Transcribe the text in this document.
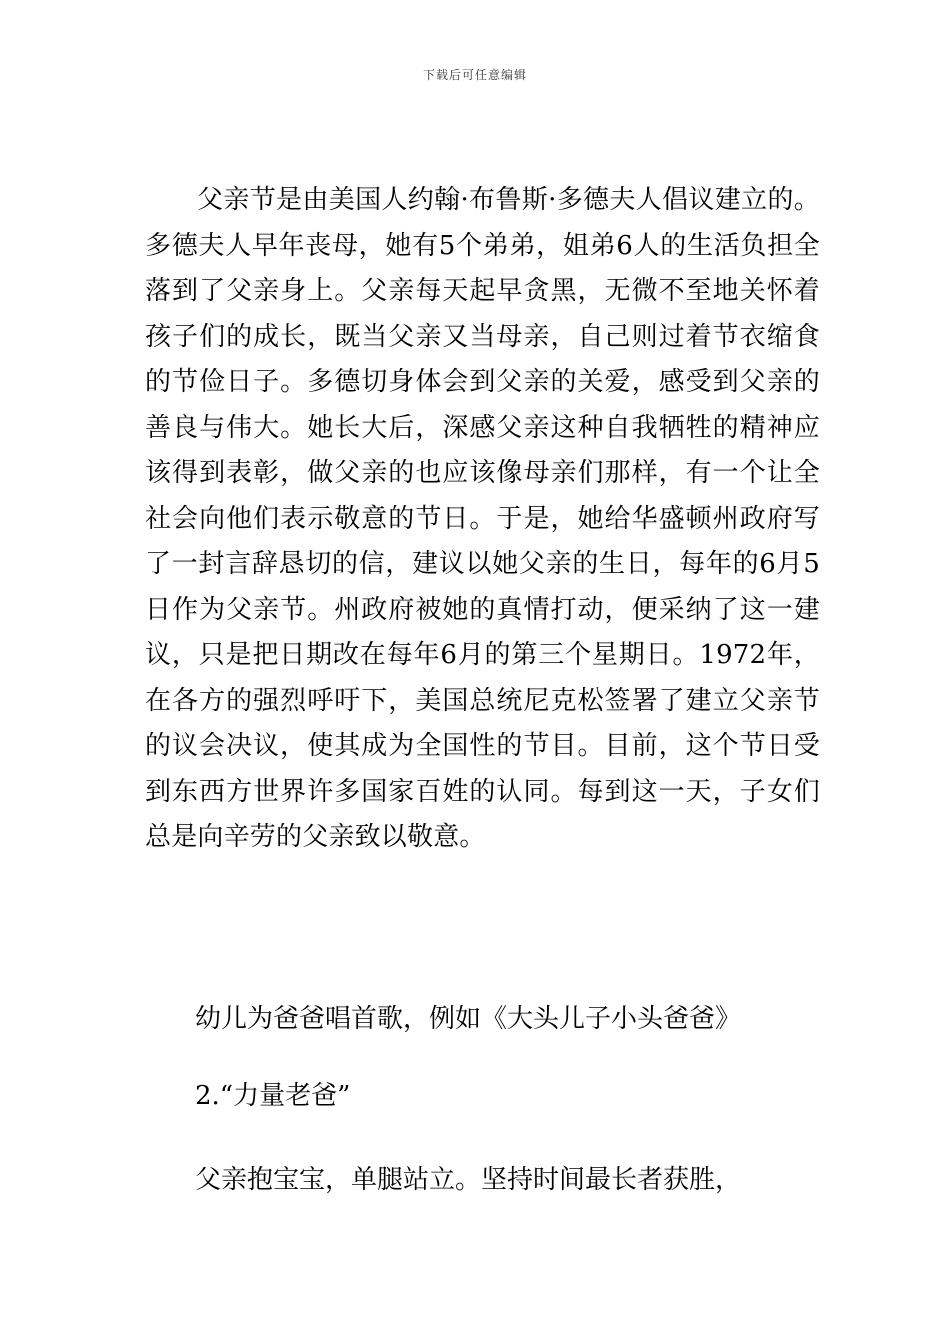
下载后可任意编辑

父亲节是由美国人约翰·布鲁斯·多德夫人倡议建立的。多德夫人早年丧母，她有5个弟弟，姐弟6人的生活负担全落到了父亲身上。父亲每天起早贪黑，无微不至地关怀着孩子们的成长，既当父亲又当母亲，自己则过着节衣缩食的节俭日子。多德切身体会到父亲的关爱，感受到父亲的善良与伟大。她长大后，深感父亲这种自我牺牲的精神应该得到表彰，做父亲的也应该像母亲们那样，有一个让全社会向他们表示敬意的节日。于是，她给华盛顿州政府写了一封言辞恳切的信，建议以她父亲的生日，每年的6月5日作为父亲节。州政府被她的真情打动，便采纳了这一建议，只是把日期改在每年6月的第三个星期日。1972年，在各方的强烈呼吁下，美国总统尼克松签署了建立父亲节的议会决议，使其成为全国性的节目。目前，这个节日受到东西方世界许多国家百姓的认同。每到这一天，子女们总是向辛劳的父亲致以敬意。

幼儿为爸爸唱首歌，例如《大头儿子小头爸爸》
2.“力量老爸”
父亲抱宝宝，单腿站立。坚持时间最长者获胜，
